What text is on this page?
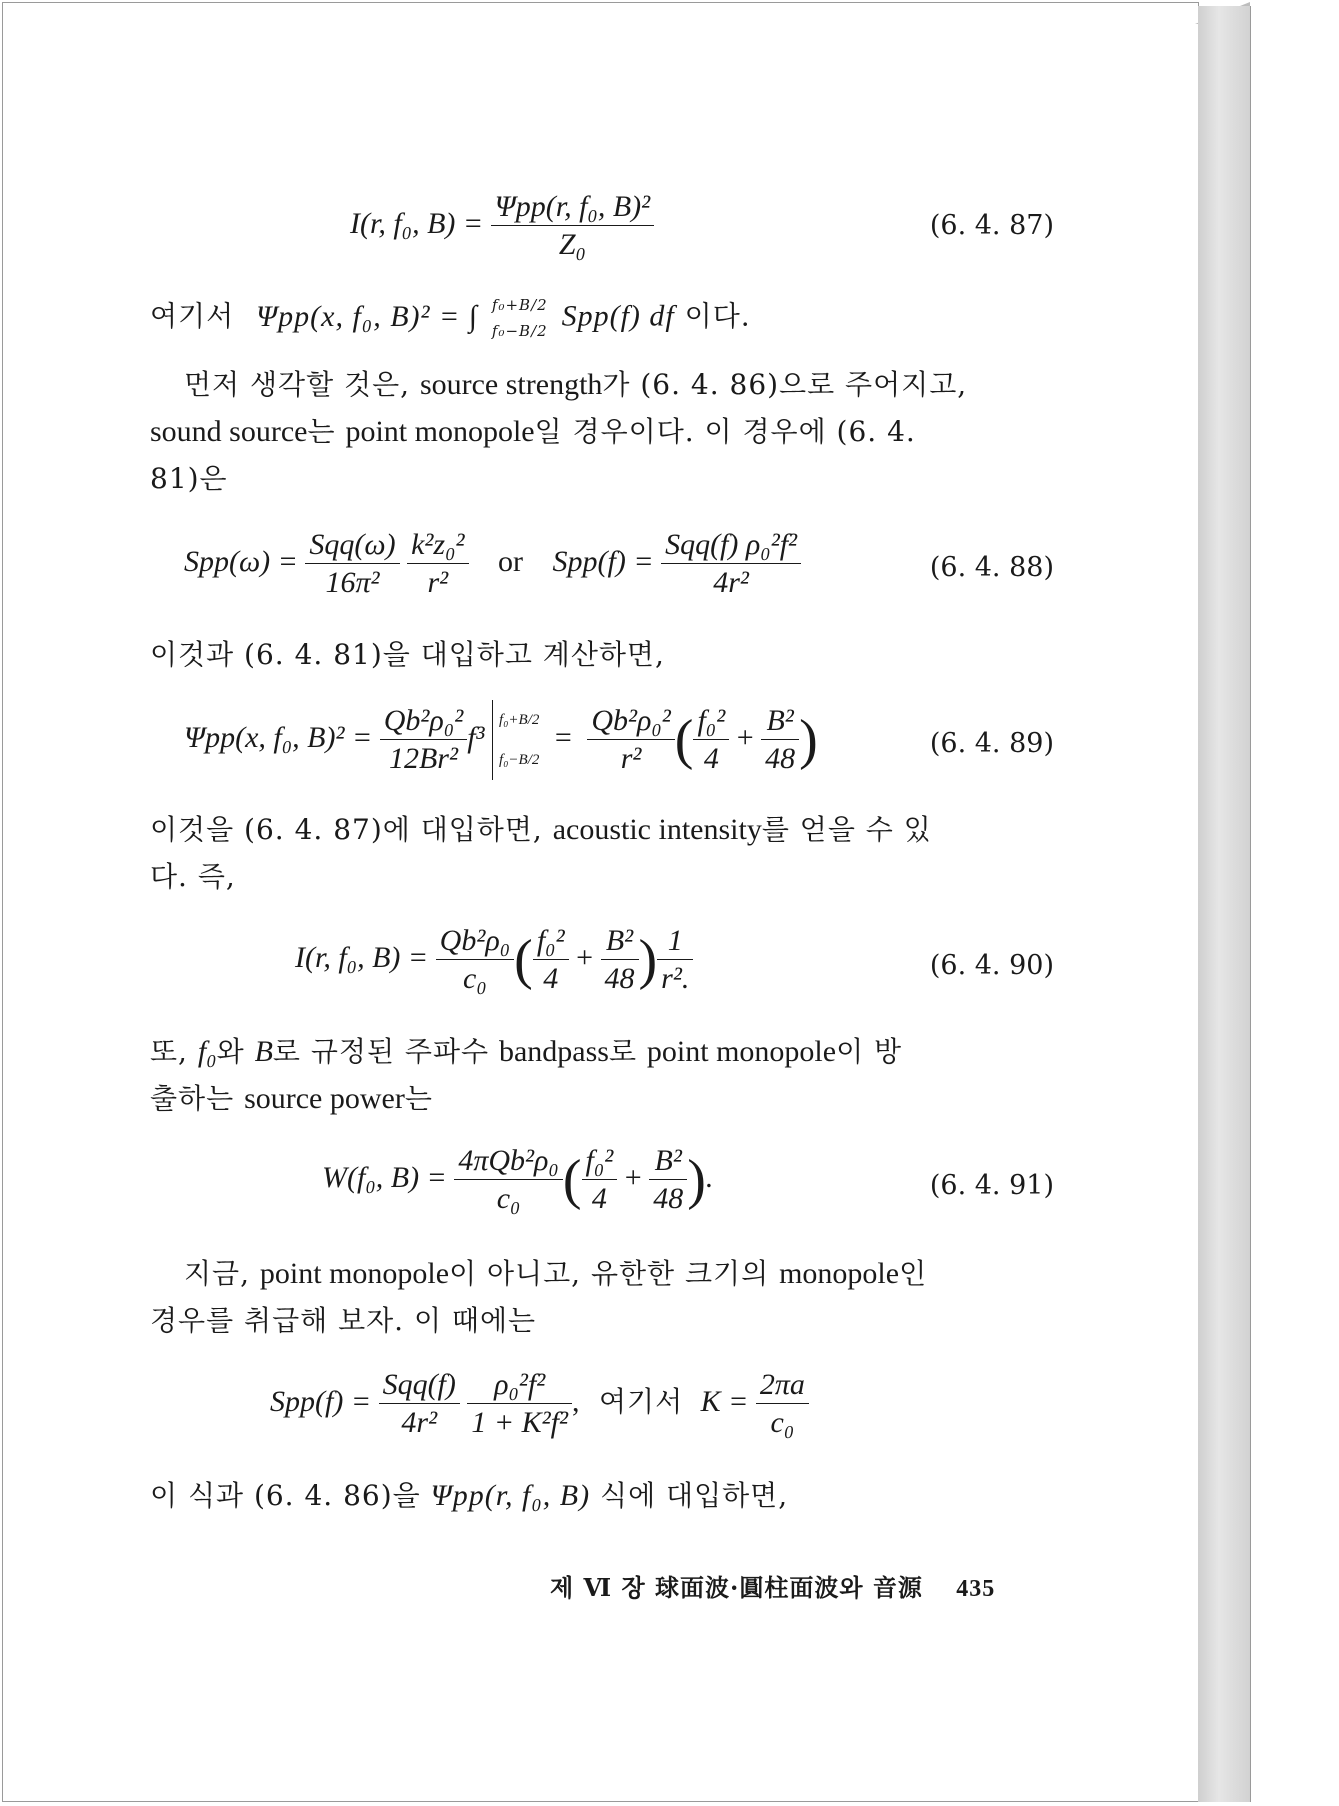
I(r, f₀, $B) = \frac{\text{Ψpp(r, f₀, B)²}}{\text{Z₀}}$	(6. 4. 87)
여기서 Ψpp(x, f₀, B)² = ∫ f₀+B/2
f₀−B/2 Spp(f) df 이다.
먼저 생각할 것은, source strength가 (6. 4. 86)으로 주어지고,
sound source는 point monopole일 경우이다. 이 경우에 (6. 4.
81)은
$Spp(\omega) = \frac{\text{Sqq(ω)}}{\text{16π²}}$
$\frac{\text{k²z₀²}}{\text{r²}}$ or $Spp(f) = \frac{\text{Sqq(f) ρ₀²f²}}{\text{4r²}}$	(6. 4. 88)
이것과 (6. 4. 81)을 대입하고 계산하면,
Ψpp(x, f₀, $B)^2 = \frac{\text{Qb²ρ₀²}}{\text{12Br²}} f^3$
f₀+B/2
f₀−B/2
= $\frac{\text{Qb²ρ₀²}}{\text{r²}}$ ( $\frac{\text{f₀²}}{4} + \frac{\text{B²}}{48}$ )	(6. 4. 89)
이것을 (6. 4. 87)에 대입하면, acoustic intensity를 얻을 수 있
다. 즉,
I(r, f₀, $B) = \frac{\text{Qb²ρ₀}}{\text{c₀}}$ ( $\frac{\text{f₀²}}{4} + \frac{\text{B²}}{48}$ ) $\frac{1}{\text{r².}}$	(6. 4. 90)
또, f₀와 B로 규정된 주파수 bandpass로 point monopole이 방
출하는 source power는
W(f₀, $B) = \frac{\text{4πQb²ρ₀}}{\text{c₀}}$ ( $\frac{\text{f₀²}}{4} + \frac{\text{B²}}{48}$ ).	(6. 4. 91)
지금, point monopole이 아니고, 유한한 크기의 monopole인
경우를 취급해 보자. 이 때에는
$Spp(f) = \frac{\text{Sqq(f)}}{\text{4r²}}$
$\frac{\text{ρ₀²f²}}{\text{1 + K²f²}}$ , 여기서 $K = \frac{2\pi a}{\text{c₀}}$
이 식과 (6. 4. 86)을 Ψpp(r, f₀, B) 식에 대입하면,
제 Ⅵ 장 球面波·圓柱面波와 音源 435
